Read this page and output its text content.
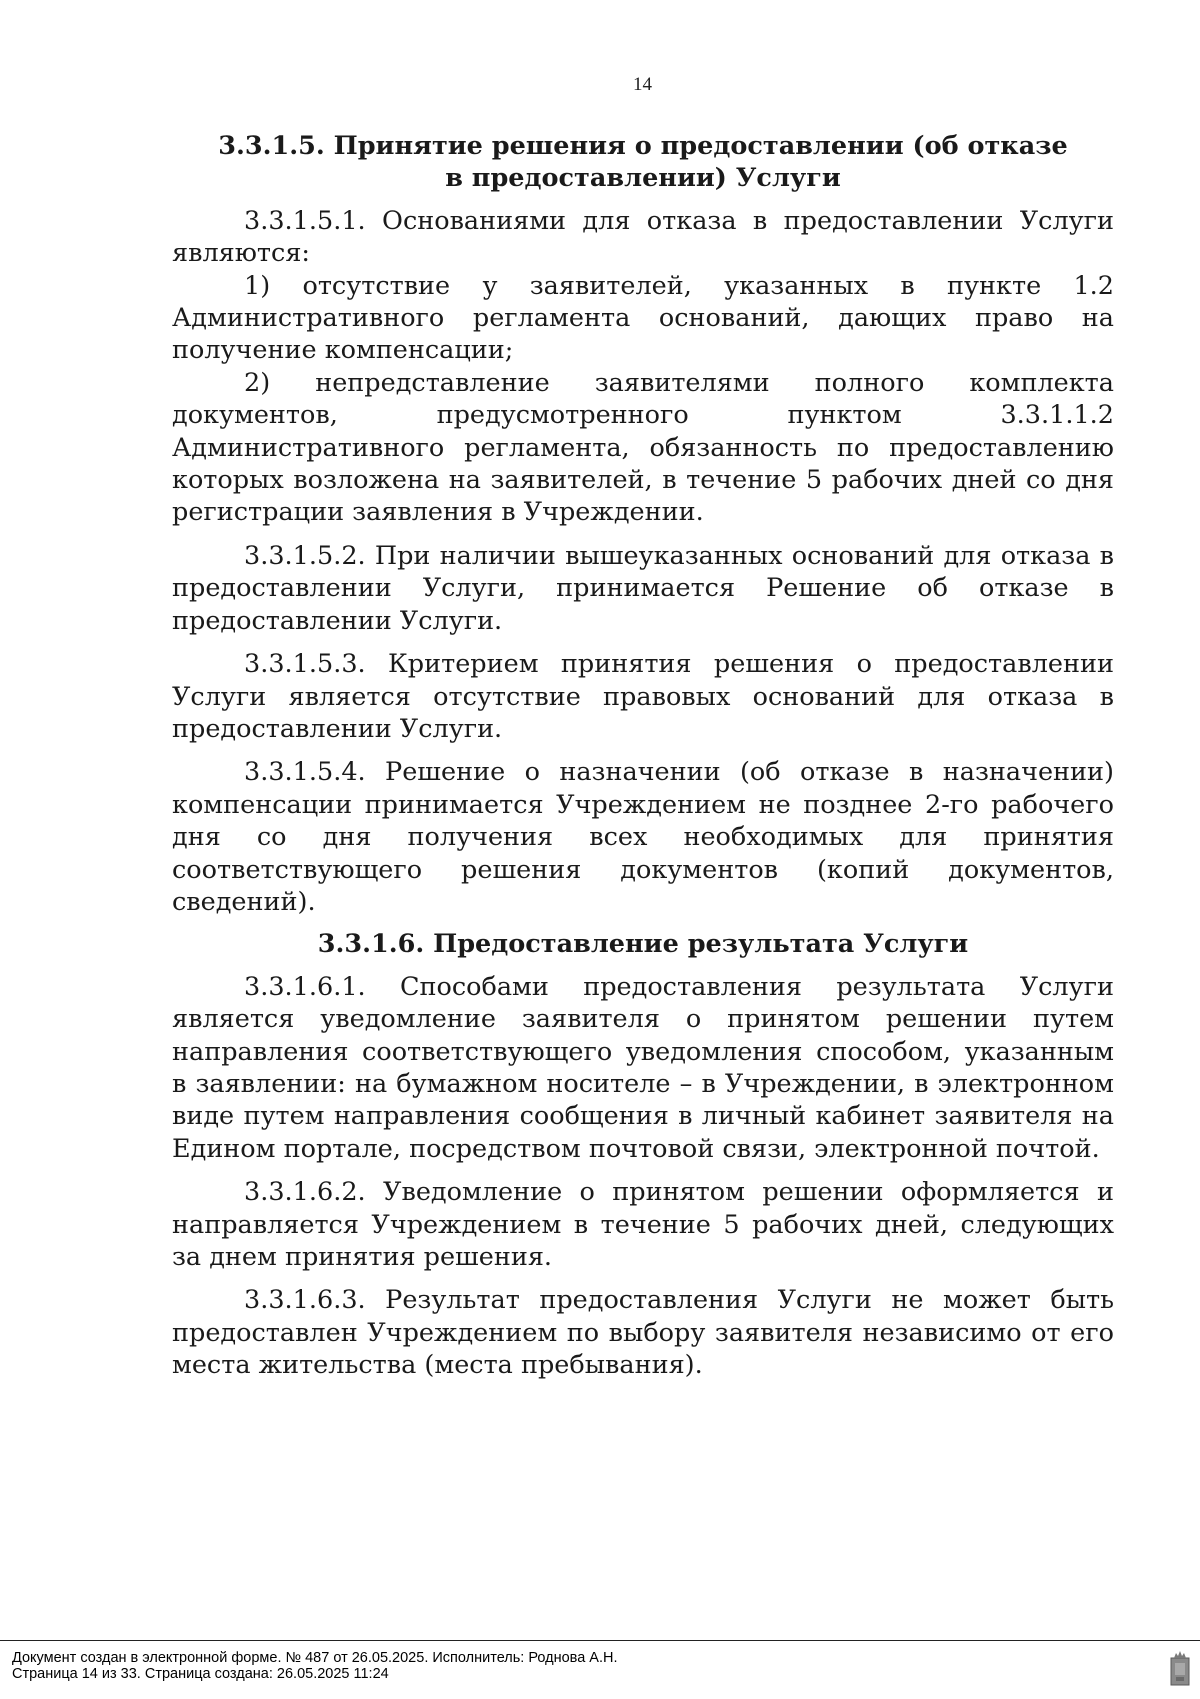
14
3.3.1.5. Принятие решения о предоставлении (об отказе в предоставлении) Услуги

3.3.1.5.1. Основаниями для отказа в предоставлении Услуги являются:

1) отсутствие у заявителей, указанных в пункте 1.2 Административного регламента оснований, дающих право на получение компенсации;

2) непредставление заявителями полного комплекта документов, предусмотренного пунктом 3.3.1.1.2 Административного регламента, обязанность по предоставлению которых возложена на заявителей, в течение 5 рабочих дней со дня регистрации заявления в Учреждении.

3.3.1.5.2. При наличии вышеуказанных оснований для отказа в предоставлении Услуги, принимается Решение об отказе в предоставлении Услуги.

3.3.1.5.3. Критерием принятия решения о предоставлении Услуги является отсутствие правовых оснований для отказа в предоставлении Услуги.

3.3.1.5.4. Решение о назначении (об отказе в назначении) компенсации принимается Учреждением не позднее 2-го рабочего дня со дня получения всех необходимых для принятия соответствующего решения документов (копий документов, сведений).

3.3.1.6. Предоставление результата Услуги

3.3.1.6.1. Способами предоставления результата Услуги является уведомление заявителя о принятом решении путем направления соответствующего уведомления способом, указанным в заявлении: на бумажном носителе – в Учреждении, в электронном виде путем направления сообщения в личный кабинет заявителя на Едином портале, посредством почтовой связи, электронной почтой.

3.3.1.6.2. Уведомление о принятом решении оформляется и направляется Учреждением в течение 5 рабочих дней, следующих за днем принятия решения.

3.3.1.6.3. Результат предоставления Услуги не может быть предоставлен Учреждением по выбору заявителя независимо от его места жительства (места пребывания).

Документ создан в электронной форме. № 487 от 26.05.2025. Исполнитель: Роднова А.Н.
Страница 14 из 33. Страница создана: 26.05.2025 11:24
